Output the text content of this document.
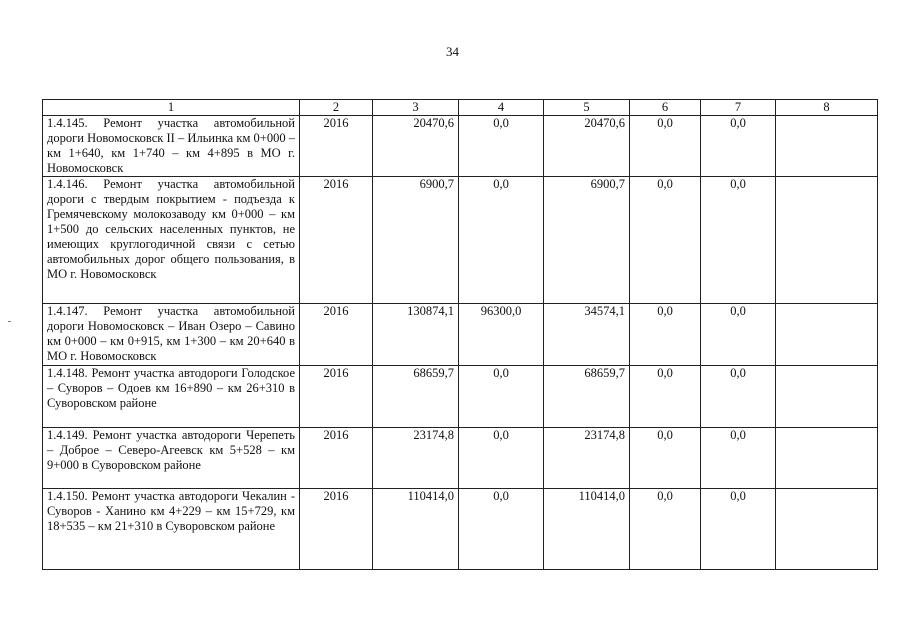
34
1	2	3	4	5	6	7	8
1.4.145. Ремонт участка автомобильной дороги Новомосковск II – Ильинка км 0+000 – км 1+640, км 1+740 – км 4+895 в МО г. Новомосковск	2016	20470,6	0,0	20470,6	0,0	0,0	
1.4.146. Ремонт участка автомобильной дороги с твердым покрытием - подъезда к Гремячевскому молокозаводу км 0+000 – км 1+500 до сельских населенных пунктов, не имеющих круглогодичной связи с сетью автомобильных дорог общего пользования, в МО г. Новомосковск	2016	6900,7	0,0	6900,7	0,0	0,0	
1.4.147. Ремонт участка автомобильной дороги Новомосковск – Иван Озеро – Савино км 0+000 – км 0+915, км 1+300 – км 20+640 в МО г. Новомосковск	2016	130874,1	96300,0	34574,1	0,0	0,0	
1.4.148. Ремонт участка автодороги Голодское – Суворов – Одоев км 16+890 – км 26+310 в Суворовском районе	2016	68659,7	0,0	68659,7	0,0	0,0	
1.4.149. Ремонт участка автодороги Черепеть – Доброе – Северо-Агеевск км 5+528 – км 9+000 в Суворовском районе	2016	23174,8	0,0	23174,8	0,0	0,0	
1.4.150. Ремонт участка автодороги Чекалин - Суворов - Ханино км 4+229 – км 15+729, км 18+535 – км 21+310 в Суворовском районе	2016	110414,0	0,0	110414,0	0,0	0,0	
